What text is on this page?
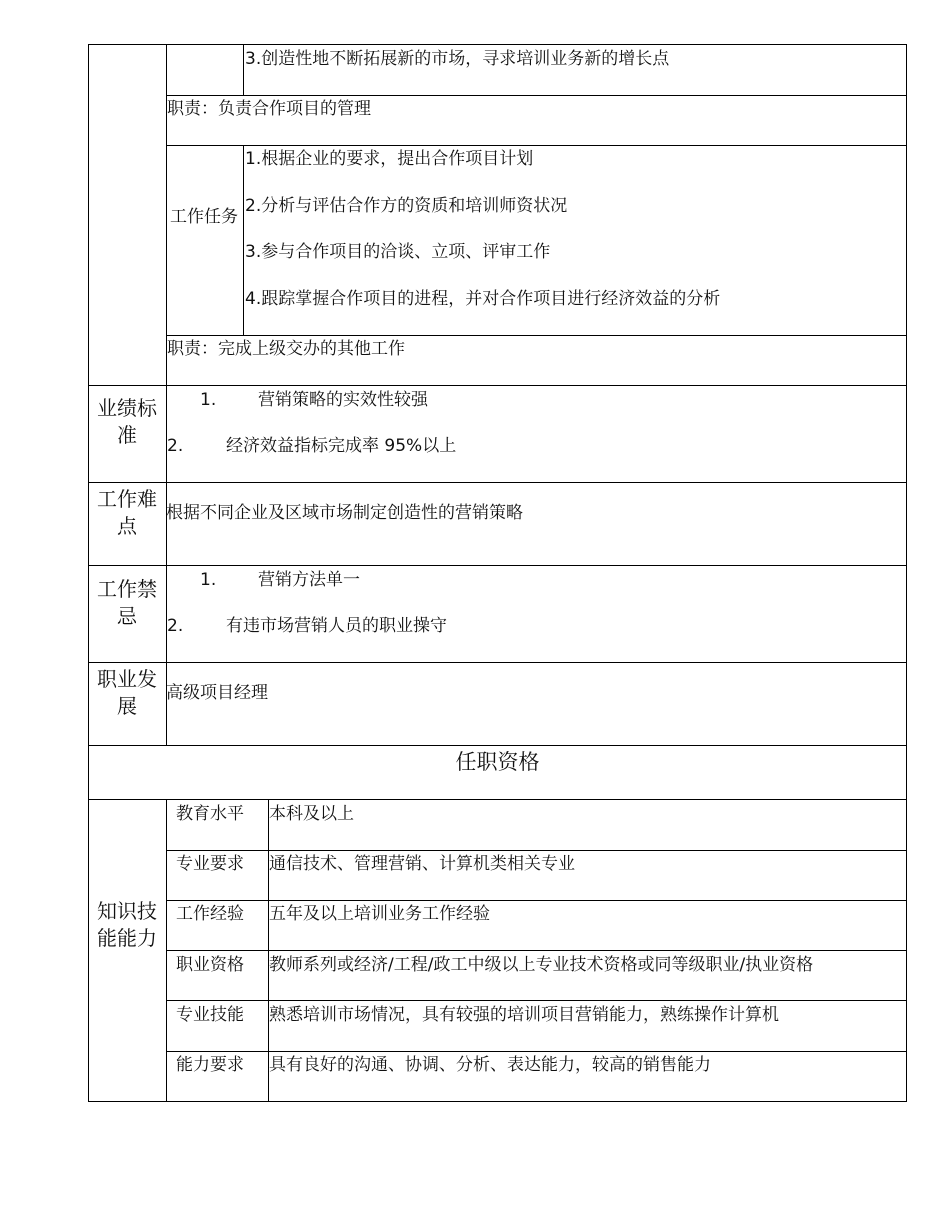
3.创造性地不断拓展新的市场，寻求培训业务新的增长点
职责：负责合作项目的管理
工作任务
1.根据企业的要求，提出合作项目计划
2.分析与评估合作方的资质和培训师资状况
3.参与合作项目的洽谈、立项、评审工作
4.跟踪掌握合作项目的进程，并对合作项目进行经济效益的分析
职责：完成上级交办的其他工作
业绩标准
1. 营销策略的实效性较强
2.	经济效益指标完成率 95%以上
工作难点
根据不同企业及区域市场制定创造性的营销策略
工作禁忌
1. 营销方法单一
2.	有违市场营销人员的职业操守
职业发展
高级项目经理
任职资格
知识技能能力
教育水平 本科及以上
专业要求 通信技术、管理营销、计算机类相关专业
工作经验 五年及以上培训业务工作经验
职业资格 教师系列或经济/工程/政工中级以上专业技术资格或同等级职业/执业资格
专业技能 熟悉培训市场情况，具有较强的培训项目营销能力，熟练操作计算机
能力要求 具有良好的沟通、协调、分析、表达能力，较高的销售能力
